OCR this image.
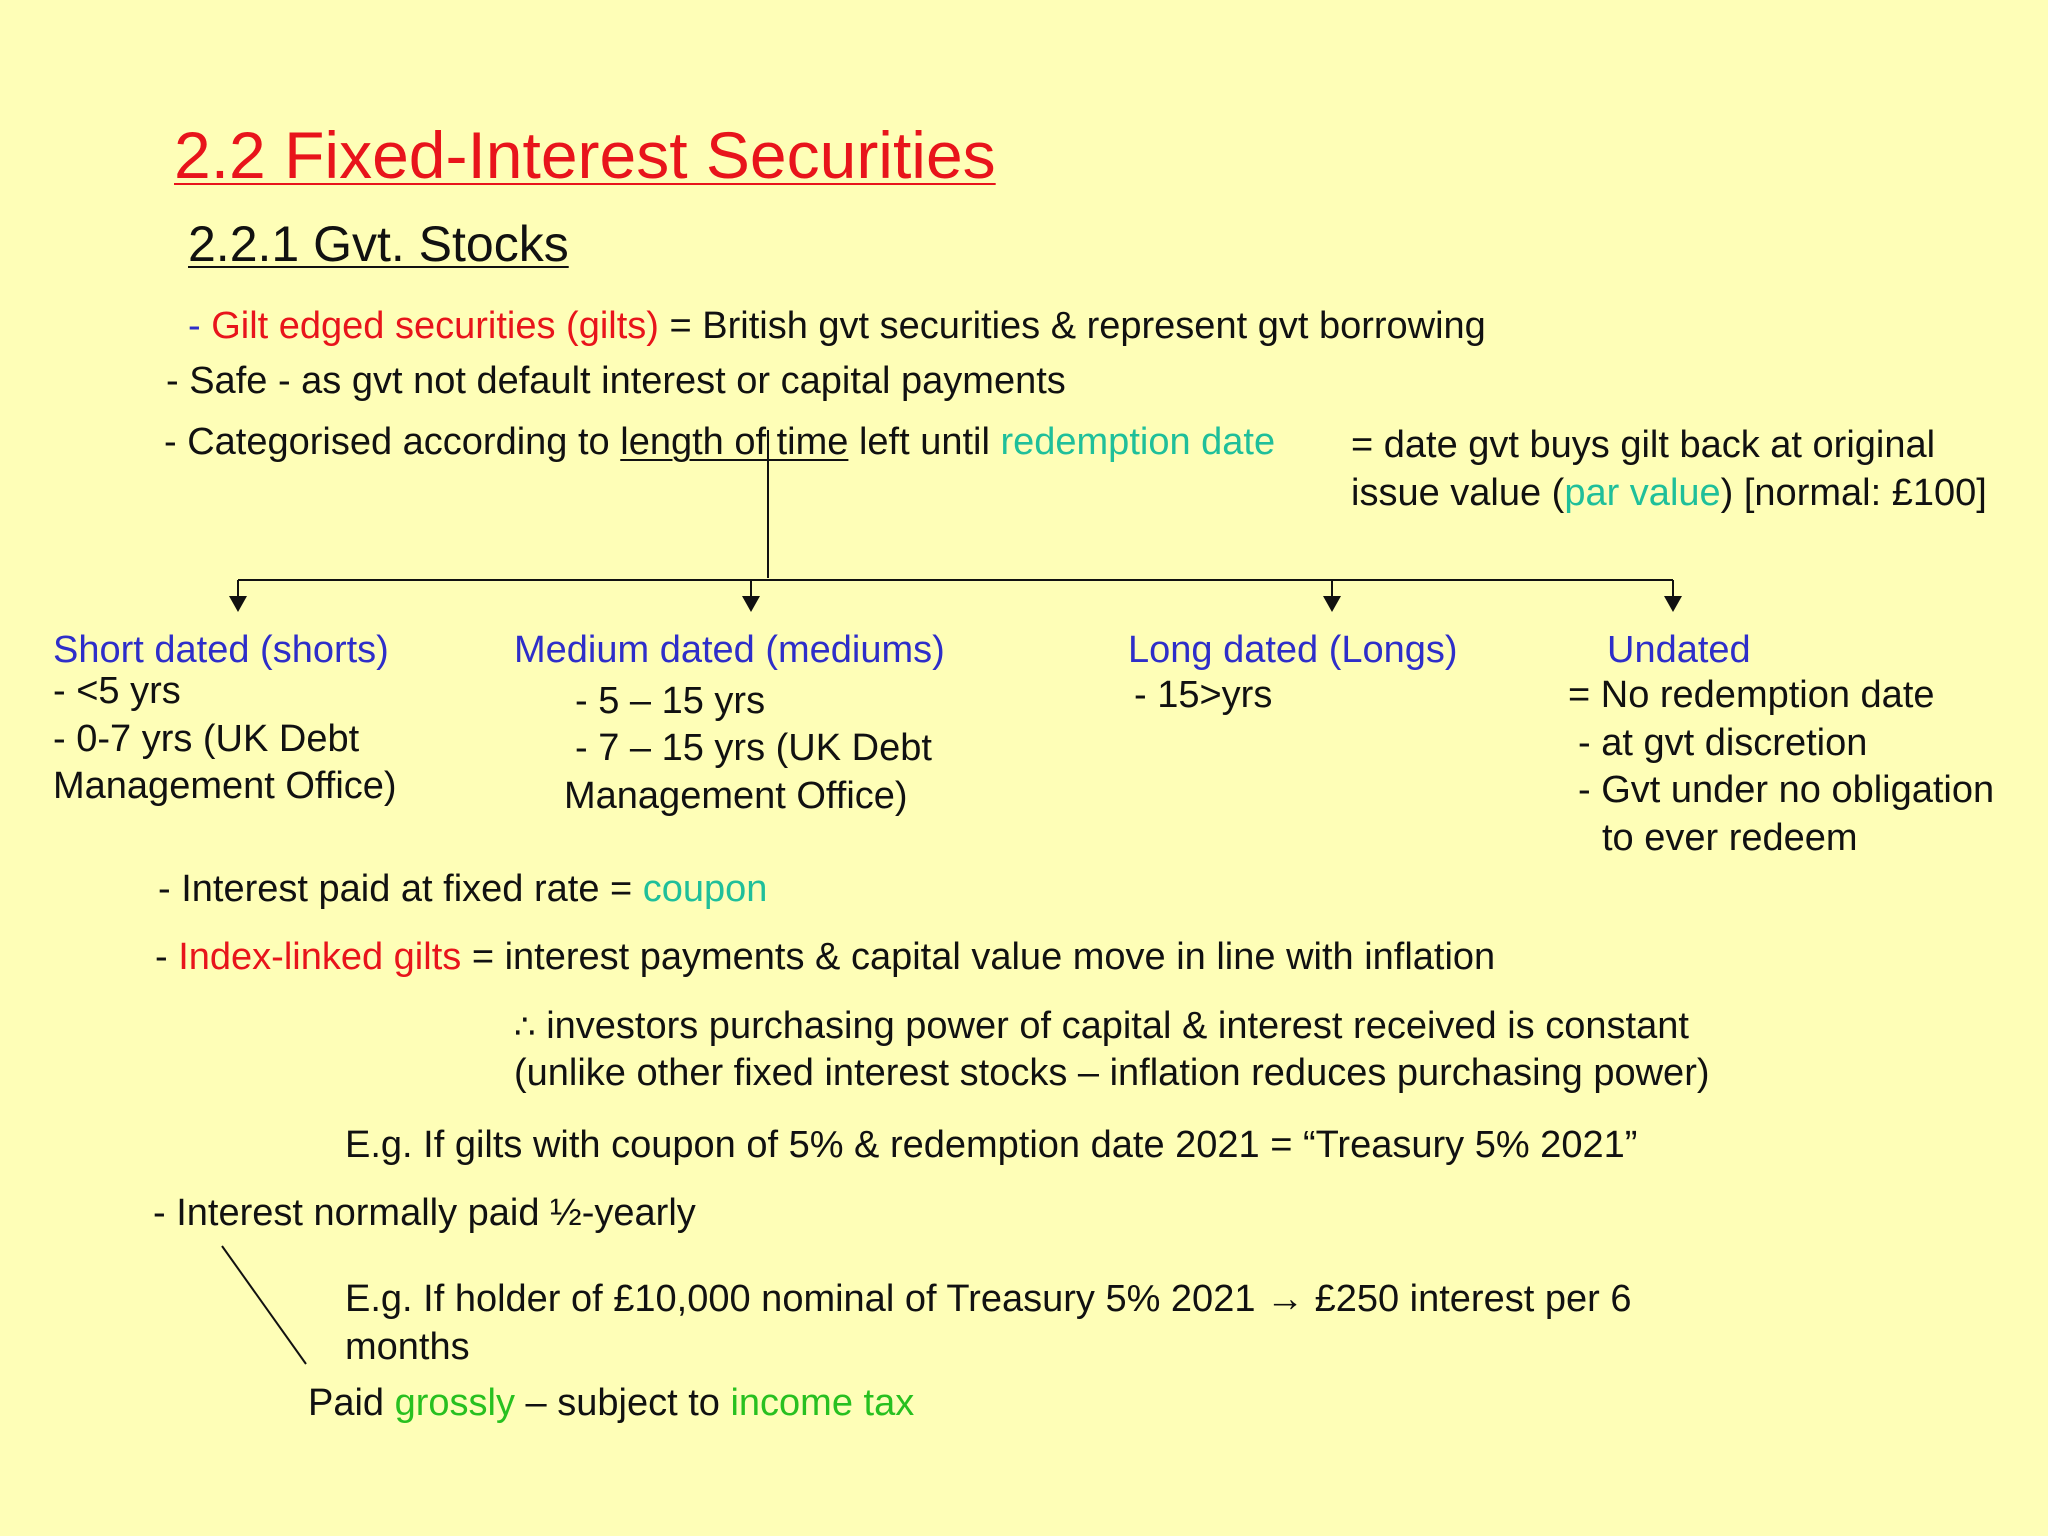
2.2 Fixed-Interest Securities
2.2.1 Gvt. Stocks
- Gilt edged securities (gilts) = British gvt securities & represent gvt borrowing
- Safe - as gvt not default interest or capital payments
- Categorised according to length of time left until redemption date = date gvt buys gilt back at original
issue value (par value) [normal: £100]
Short dated (shorts)
- <5 yrs
- 0-7 yrs (UK Debt
Management Office)
Medium dated (mediums)
- 5 – 15 yrs
- 7 – 15 yrs (UK Debt
Management Office)
Long dated (Longs)
- 15>yrs
Undated
= No redemption date
- at gvt discretion
- Gvt under no obligation
to ever redeem
- Interest paid at fixed rate = coupon
- Index-linked gilts = interest payments & capital value move in line with inflation
∴ investors purchasing power of capital & interest received is constant
(unlike other fixed interest stocks – inflation reduces purchasing power)
E.g. If gilts with coupon of 5% & redemption date 2021 = “Treasury 5% 2021”
- Interest normally paid ½-yearly
E.g. If holder of £10,000 nominal of Treasury 5% 2021 → £250 interest per 6
months
Paid grossly – subject to income tax
